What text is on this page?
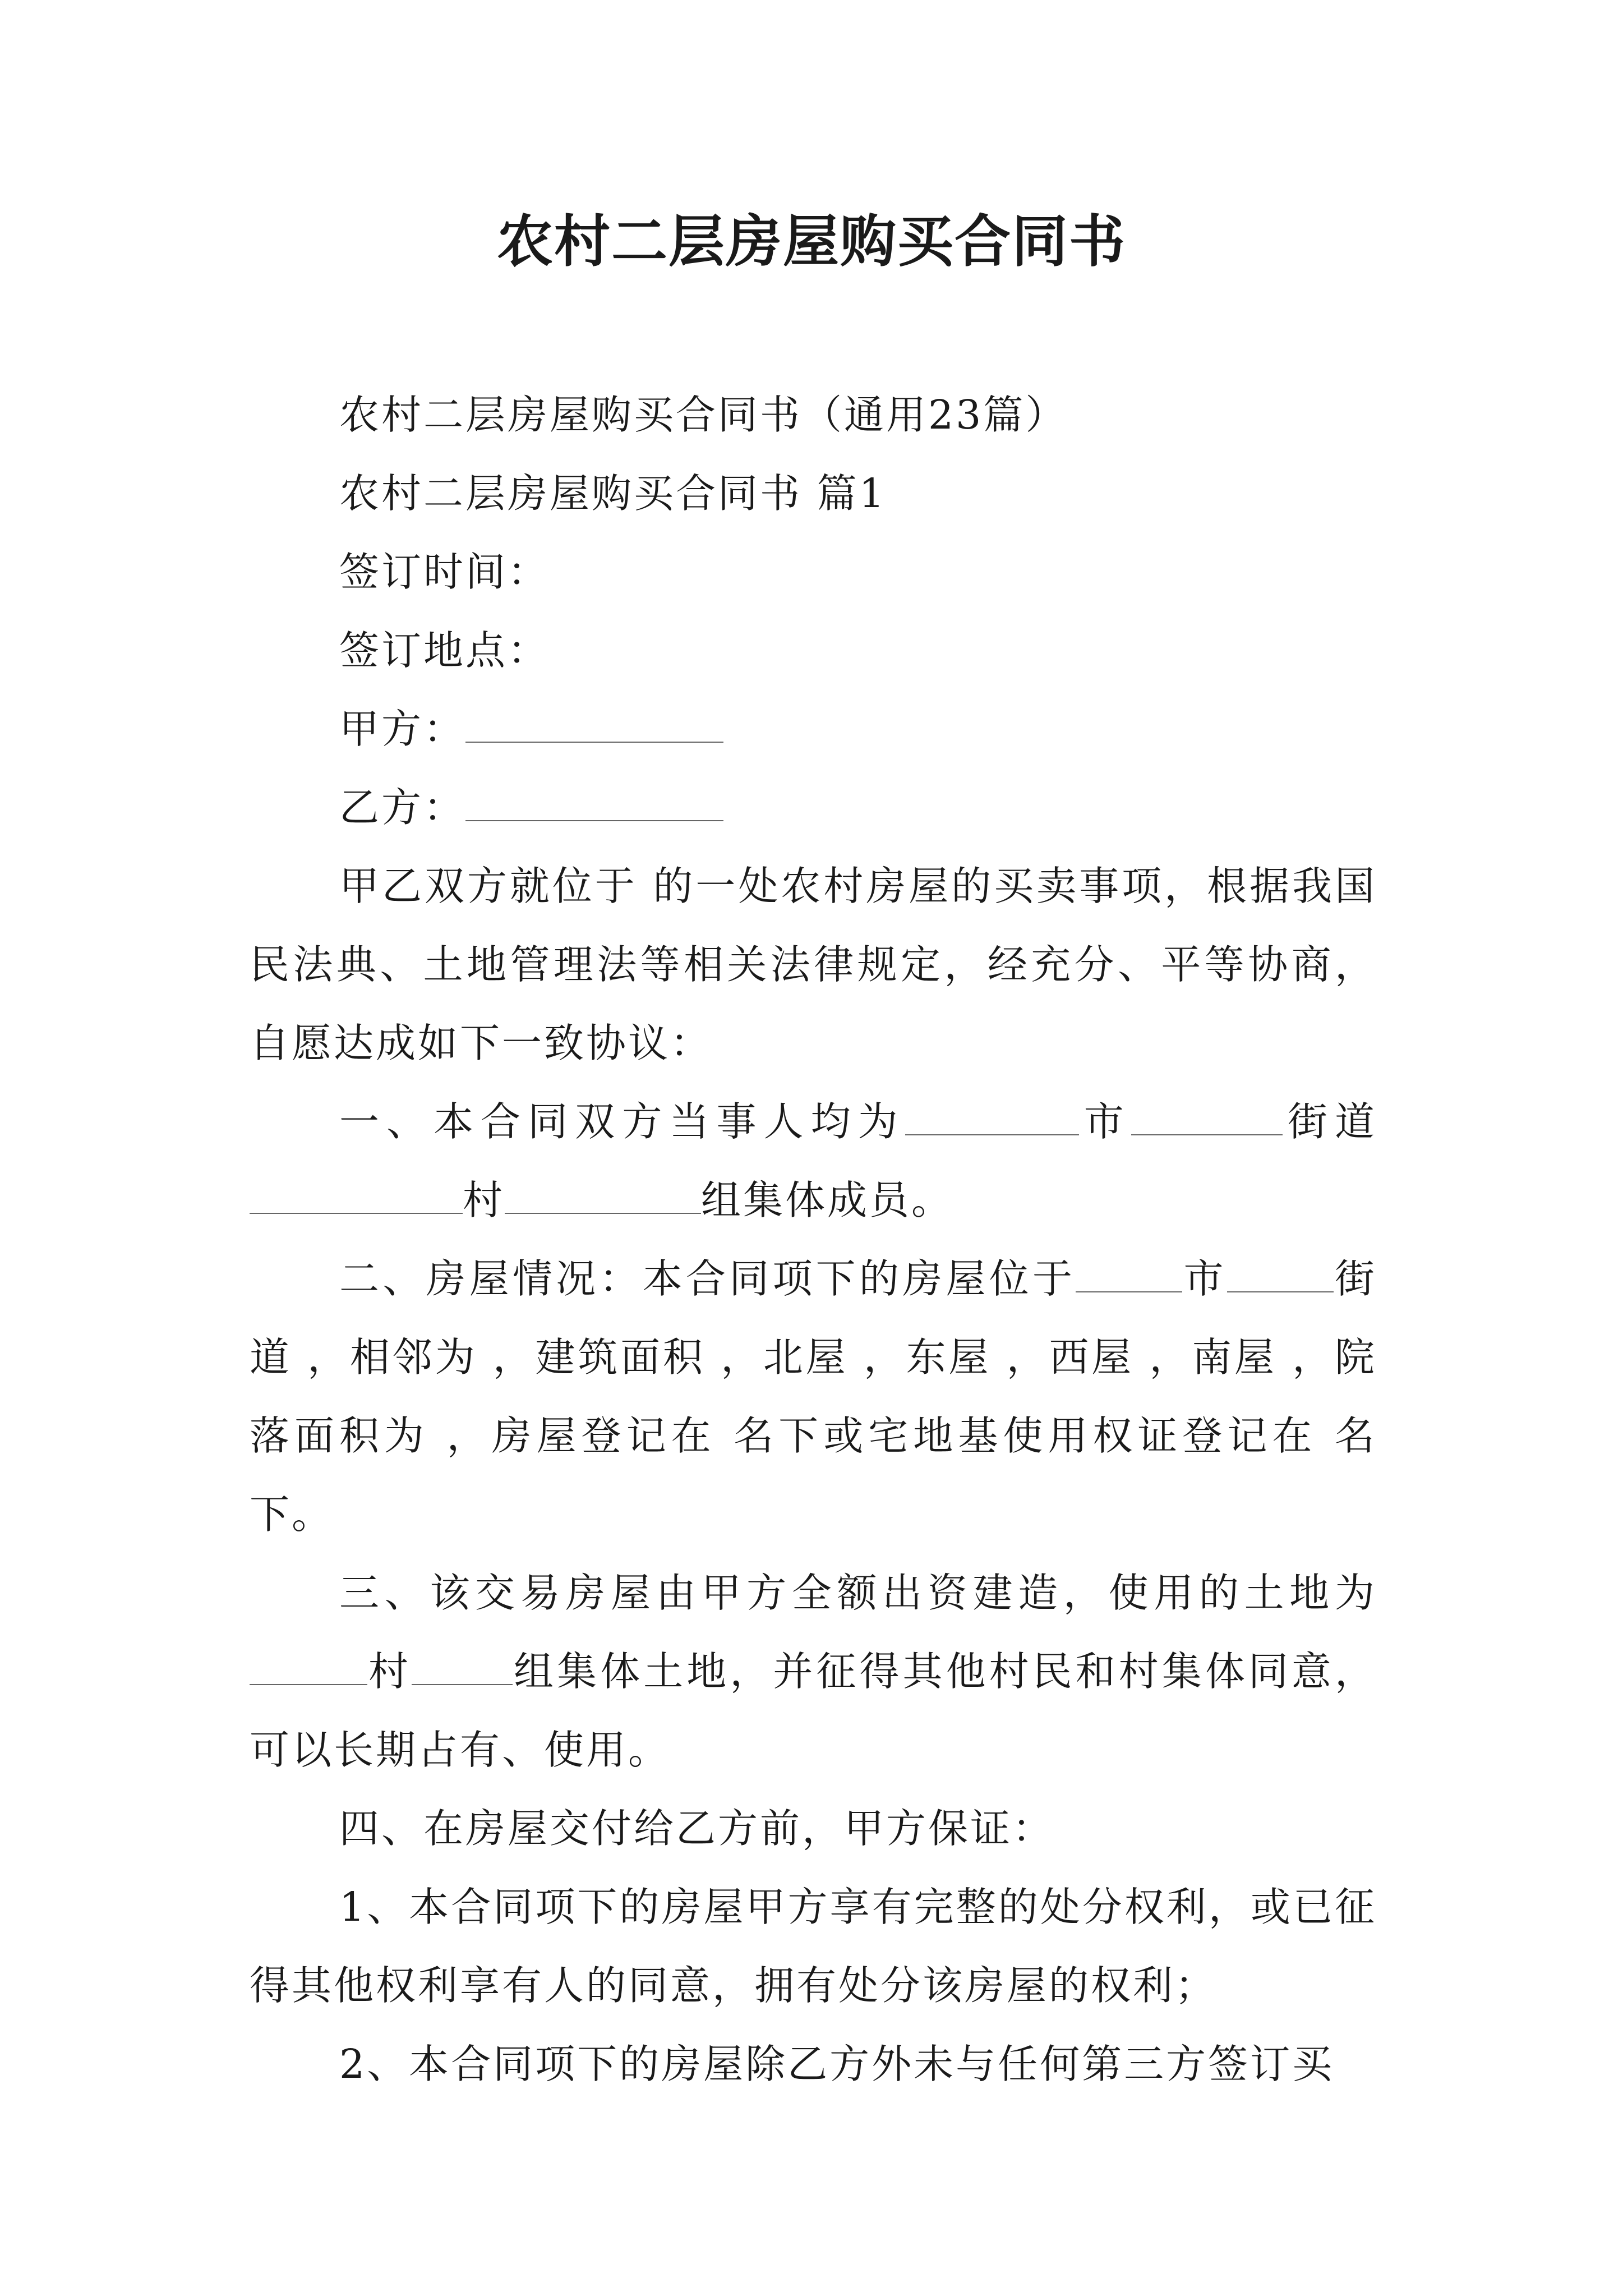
农村二层房屋购买合同书

农村二层房屋购买合同书（通用23篇）

农村二层房屋购买合同书 篇1

签订时间：

签订地点：

甲方：

乙方：

甲乙双方就位于 的一处农村房屋的买卖事项，根据我国民法典、土地管理法等相关法律规定，经充分、平等协商，自愿达成如下一致协议：

一、本合同双方当事人均为	市	街道村	组集体成员。

二、房屋情况：本合同项下的房屋位于	市	街道 ，相邻为 ，建筑面积 ，北屋 ，东屋 ，西屋 ，南屋 ，院落面积为 ，房屋登记在 名下或宅地基使用权证登记在 名下。

三、该交易房屋由甲方全额出资建造，使用的土地为村	组集体土地，并征得其他村民和村集体同意，可以长期占有、使用。

四、在房屋交付给乙方前，甲方保证：

1、本合同项下的房屋甲方享有完整的处分权利，或已征得其他权利享有人的同意，拥有处分该房屋的权利；

2、本合同项下的房屋除乙方外未与任何第三方签订买
